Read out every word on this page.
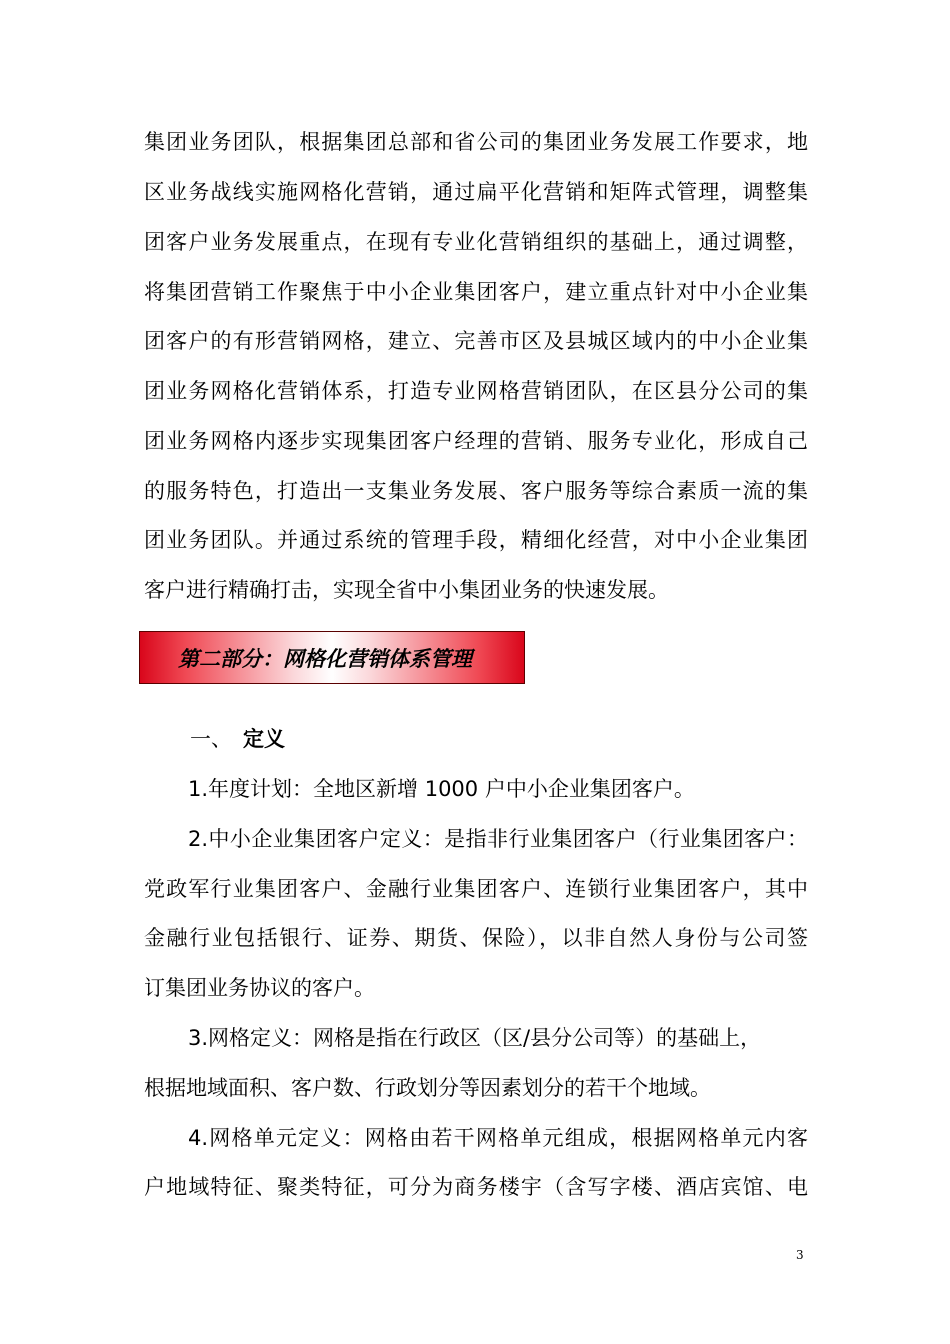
集团业务团队，根据集团总部和省公司的集团业务发展工作要求，地
区业务战线实施网格化营销，通过扁平化营销和矩阵式管理，调整集
团客户业务发展重点，在现有专业化营销组织的基础上，通过调整，
将集团营销工作聚焦于中小企业集团客户，建立重点针对中小企业集
团客户的有形营销网格，建立、完善市区及县城区域内的中小企业集
团业务网格化营销体系，打造专业网格营销团队，在区县分公司的集
团业务网格内逐步实现集团客户经理的营销、服务专业化，形成自己
的服务特色，打造出一支集业务发展、客户服务等综合素质一流的集
团业务团队。并通过系统的管理手段，精细化经营，对中小企业集团
客户进行精确打击，实现全省中小集团业务的快速发展。
第二部分：网格化营销体系管理
一、 定义
1.年度计划：全地区新增 1000 户中小企业集团客户。
2.中小企业集团客户定义：是指非行业集团客户（行业集团客户：
党政军行业集团客户、金融行业集团客户、连锁行业集团客户，其中
金融行业包括银行、证券、期货、保险），以非自然人身份与公司签
订集团业务协议的客户。
3.网格定义：网格是指在行政区（区/县分公司等）的基础上，
根据地域面积、客户数、行政划分等因素划分的若干个地域。
4.网格单元定义：网格由若干网格单元组成，根据网格单元内客
户地域特征、聚类特征，可分为商务楼宇（含写字楼、酒店宾馆、电
3
